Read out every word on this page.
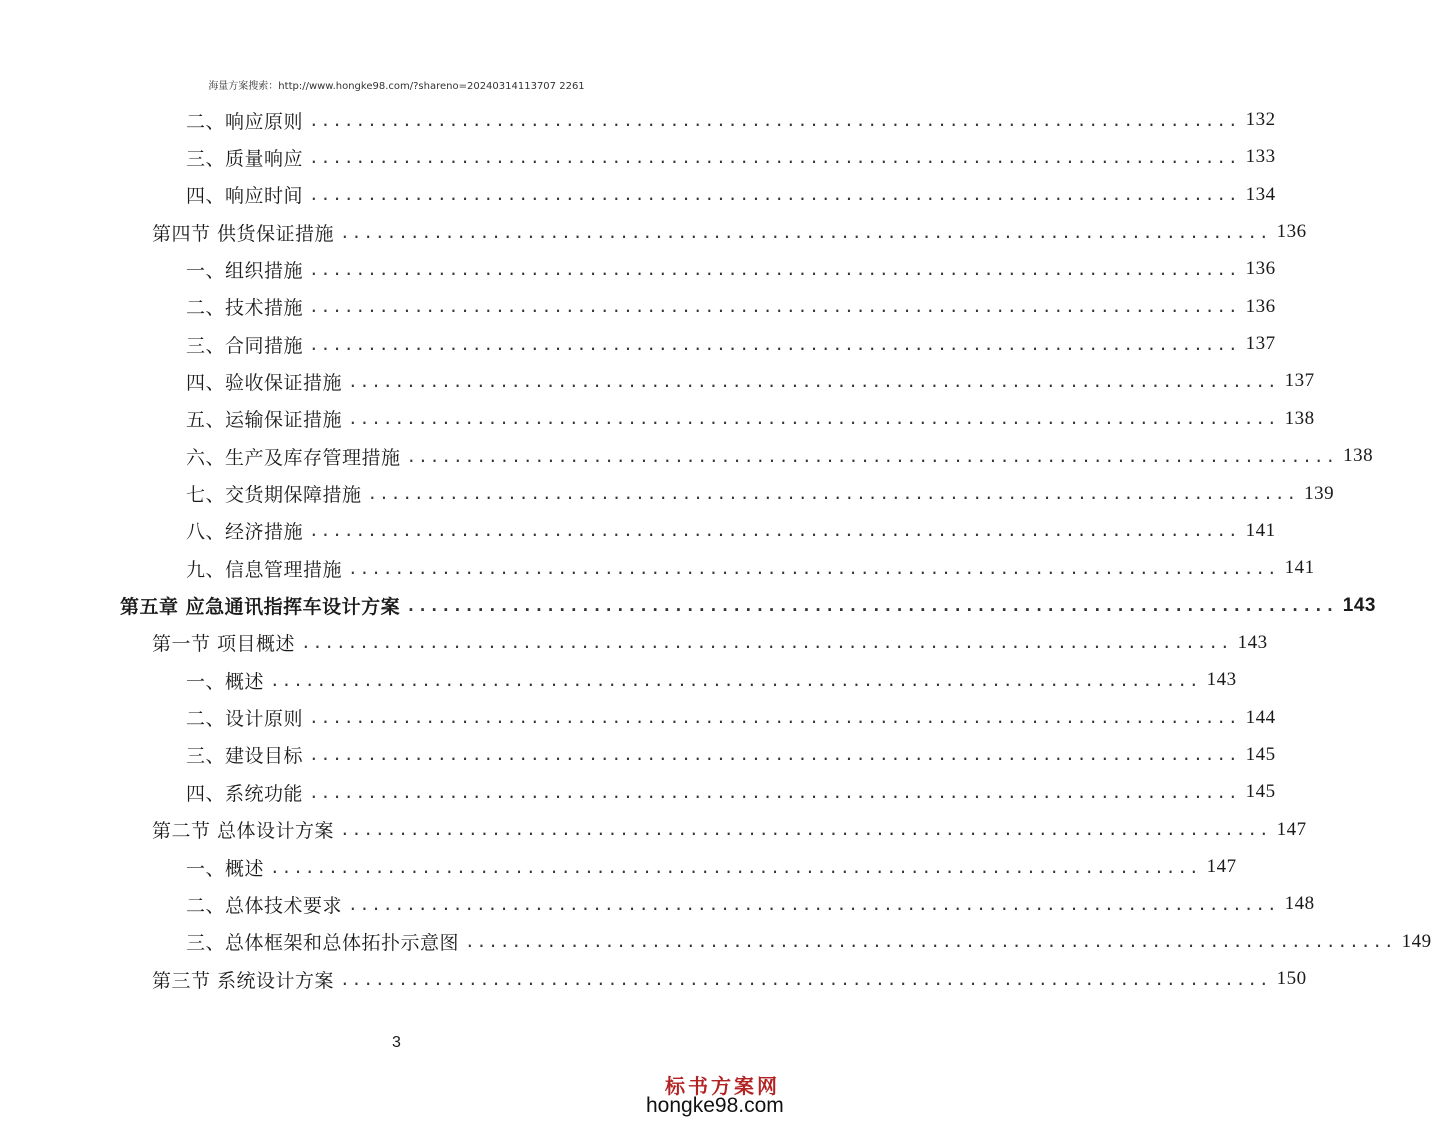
海量方案搜索：http://www.hongke98.com/?shareno=20240314113707 2261
二、响应原则 ................................................................................ 132
三、质量响应 ................................................................................ 133
四、响应时间 ................................................................................ 134
第四节 供货保证措施 ................................................................................ 136
一、组织措施 ................................................................................ 136
二、技术措施 ................................................................................ 136
三、合同措施 ................................................................................ 137
四、验收保证措施 ................................................................................ 137
五、运输保证措施 ................................................................................ 138
六、生产及库存管理措施 ................................................................................ 138
七、交货期保障措施 ................................................................................ 139
八、经济措施 ................................................................................ 141
九、信息管理措施 ................................................................................ 141
第五章 应急通讯指挥车设计方案 ................................................................................ 143
第一节 项目概述 ................................................................................ 143
一、概述 ................................................................................ 143
二、设计原则 ................................................................................ 144
三、建设目标 ................................................................................ 145
四、系统功能 ................................................................................ 145
第二节 总体设计方案 ................................................................................ 147
一、概述 ................................................................................ 147
二、总体技术要求 ................................................................................ 148
三、总体框架和总体拓扑示意图 ................................................................................ 149
第三节 系统设计方案 ................................................................................ 150
3
标书方案网
hongke98.com
